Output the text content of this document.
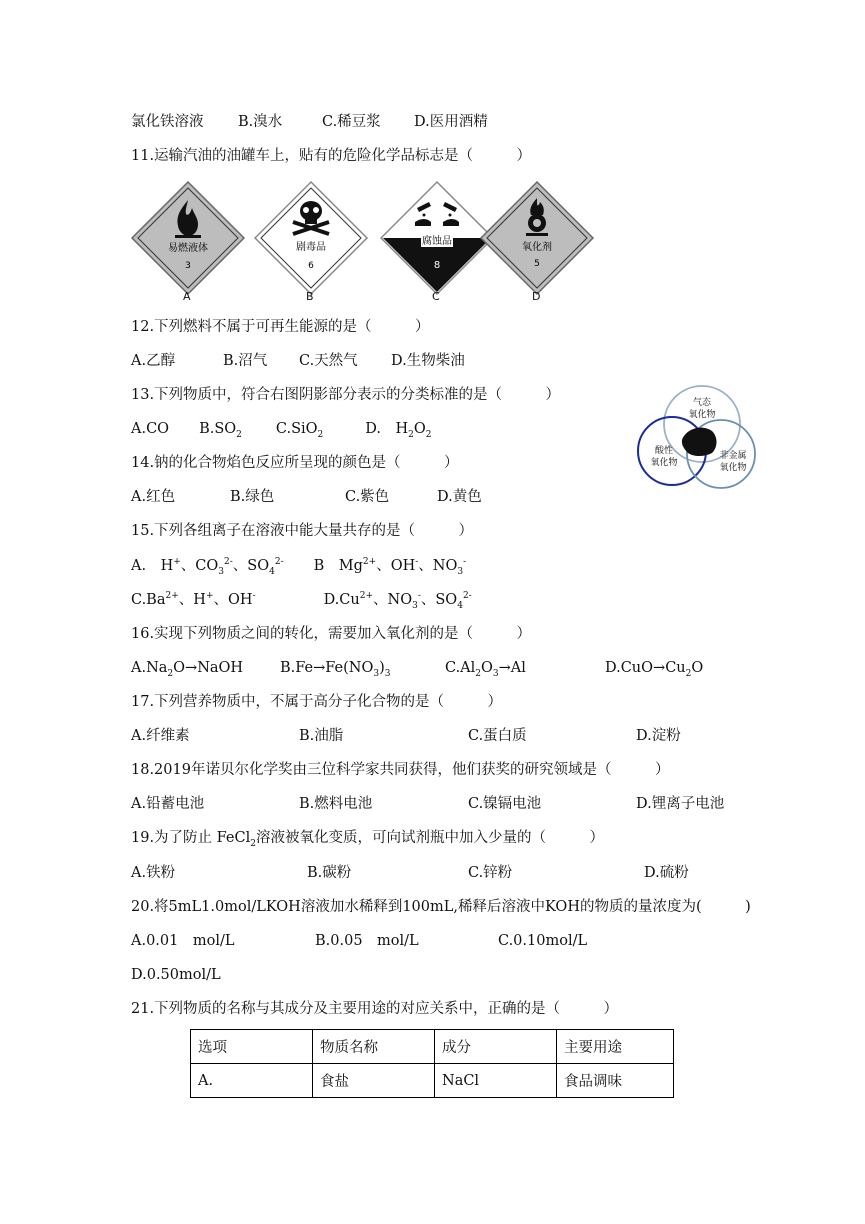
氯化铁溶液 B.溴水	C.稀豆浆 D.医用酒精
11.运输汽油的油罐车上，贴有的危险化学品标志是（　　　）
易燃液体
3
A
剧毒品
6
B
腐蚀品
8
C
氧化剂
5
D
12.下列燃料不属于可再生能源的是（　　　）
A.乙醇	B.沼气 C.天然气 D.生物柴油
13.下列物质中，符合右图阴影部分表示的分类标准的是（　　　）
A.CO $B.SO_2$ C.SiO$_2$	D.　$H_2O_2$
气态
氧化物
酸性
氧化物
非金属
氧化物
14.钠的化合物焰色反应所呈现的颜色是（　　　）
A.红色	B.绿色	C.紫色	D.黄色
15.下列各组离子在溶液中能大量共存的是（　　　）
A.　H+、$CO_3^{2-}$、$SO_4^{2-}$ B　$Mg^{2+}$、OH-、$NO_3^-$
$C.Ba^{2+}$、H+、OH-	$D.Cu^{2+}$、$NO_3^-$、$SO_4^{2-}$
16.实现下列物质之间的转化，需要加入氧化剂的是（　　　）
$A.Na_2O\to NaOH$	$B.Fe\to Fe(NO_3)_3$	$C.Al_2O_3\to Al$	$D.CuO\to Cu_2O$
17.下列营养物质中，不属于高分子化合物的是（　　　）
A.纤维素	B.油脂	C.蛋白质	D.淀粉
18.2019年诺贝尔化学奖由三位科学家共同获得，他们获奖的研究领域是（　　　）
A.铅蓄电池	B.燃料电池	C.镍镉电池	D.锂离子电池
19.为了防止 FeCl$_2$溶液被氧化变质，可向试剂瓶中加入少量的（　　　）
A.铁粉	B.碳粉	C.锌粉	D.硫粉
20.将5mL1.0mol/LKOH溶液加水稀释到100mL,稀释后溶液中KOH的物质的量浓度为(　　　)
A.0.01　mol/L	B.0.05　mol/L	C.0.10mol/L
D.0.50mol/L
21.下列物质的名称与其成分及主要用途的对应关系中，正确的是（　　　）
选项	物质名称	成分	主要用途
A.	食盐	NaCl	食品调味
